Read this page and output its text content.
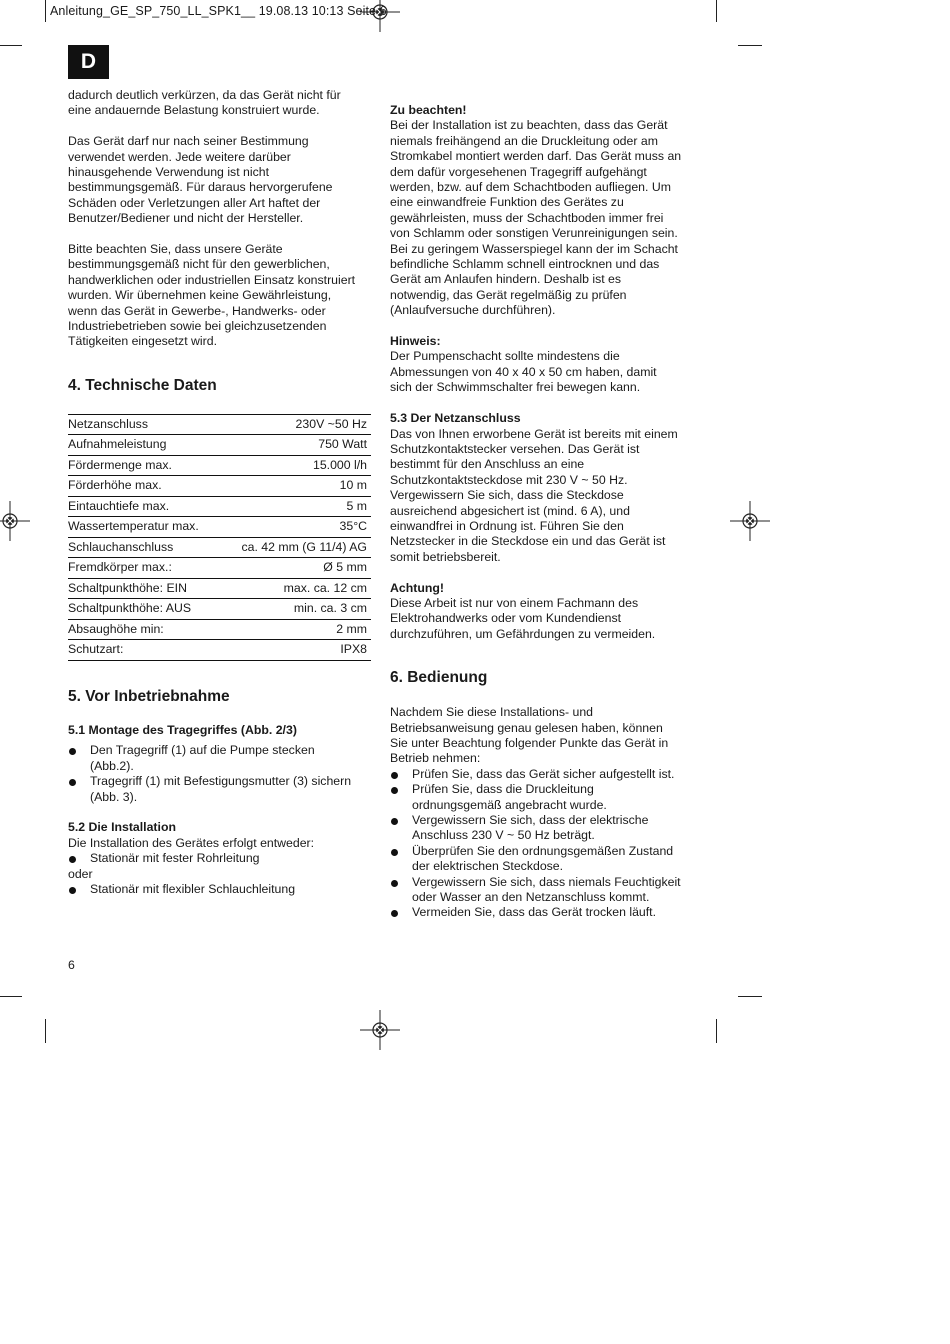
Anleitung_GE_SP_750_LL_SPK1__ 19.08.13 10:13 Seite 6
D

dadurch deutlich verkürzen, da das Gerät nicht für
eine andauernde Belastung konstruiert wurde.

Das Gerät darf nur nach seiner Bestimmung
verwendet werden. Jede weitere darüber
hinausgehende Verwendung ist nicht
bestimmungsgemäß. Für daraus hervorgerufene
Schäden oder Verletzungen aller Art haftet der
Benutzer/Bediener und nicht der Hersteller.

Bitte beachten Sie, dass unsere Geräte
bestimmungsgemäß nicht für den gewerblichen,
handwerklichen oder industriellen Einsatz konstruiert
wurden. Wir übernehmen keine Gewährleistung,
wenn das Gerät in Gewerbe-, Handwerks- oder
Industriebetrieben sowie bei gleichzusetzenden
Tätigkeiten eingesetzt wird.

4. Technische Daten
Netzanschluss	230V ~50 Hz
Aufnahmeleistung	750 Watt
Fördermenge max.	15.000 l/h
Förderhöhe max.	10 m
Eintauchtiefe max.	5 m
Wassertemperatur max.	35°C
Schlauchanschluss	ca. 42 mm (G 11/4) AG
Fremdkörper max.:	Ø 5 mm
Schaltpunkthöhe: EIN	max. ca. 12 cm
Schaltpunkthöhe: AUS	min. ca. 3 cm
Absaughöhe min:	2 mm
Schutzart:	IPX8
5. Vor Inbetriebnahme

5.1 Montage des Tragegriffes (Abb. 2/3)

Den Tragegriff (1) auf die Pumpe stecken
(Abb.2).
Tragegriff (1) mit Befestigungsmutter (3) sichern
(Abb. 3).

5.2 Die Installation

Die Installation des Gerätes erfolgt entweder:

Stationär mit fester Rohrleitung

oder

Stationär mit flexibler Schlauchleitung

Zu beachten!

Bei der Installation ist zu beachten, dass das Gerät
niemals freihängend an die Druckleitung oder am
Stromkabel montiert werden darf. Das Gerät muss an
dem dafür vorgesehenen Tragegriff aufgehängt
werden, bzw. auf dem Schachtboden aufliegen. Um
eine einwandfreie Funktion des Gerätes zu
gewährleisten, muss der Schachtboden immer frei
von Schlamm oder sonstigen Verunreinigungen sein.
Bei zu geringem Wasserspiegel kann der im Schacht
befindliche Schlamm schnell eintrocknen und das
Gerät am Anlaufen hindern. Deshalb ist es
notwendig, das Gerät regelmäßig zu prüfen
(Anlaufversuche durchführen).

Hinweis:

Der Pumpenschacht sollte mindestens die
Abmessungen von 40 x 40 x 50 cm haben, damit
sich der Schwimmschalter frei bewegen kann.

5.3 Der Netzanschluss

Das von Ihnen erworbene Gerät ist bereits mit einem
Schutzkontaktstecker versehen. Das Gerät ist
bestimmt für den Anschluss an eine
Schutzkontaktsteckdose mit 230 V ~ 50 Hz.
Vergewissern Sie sich, dass die Steckdose
ausreichend abgesichert ist (mind. 6 A), und
einwandfrei in Ordnung ist. Führen Sie den
Netzstecker in die Steckdose ein und das Gerät ist
somit betriebsbereit.

Achtung!

Diese Arbeit ist nur von einem Fachmann des
Elektrohandwerks oder vom Kundendienst
durchzuführen, um Gefährdungen zu vermeiden.

6. Bedienung

Nachdem Sie diese Installations- und
Betriebsanweisung genau gelesen haben, können
Sie unter Beachtung folgender Punkte das Gerät in
Betrieb nehmen:

Prüfen Sie, dass das Gerät sicher aufgestellt ist.
Prüfen Sie, dass die Druckleitung
ordnungsgemäß angebracht wurde.
Vergewissern Sie sich, dass der elektrische
Anschluss 230 V ~ 50 Hz beträgt.
Überprüfen Sie den ordnungsgemäßen Zustand
der elektrischen Steckdose.
Vergewissern Sie sich, dass niemals Feuchtigkeit
oder Wasser an den Netzanschluss kommt.
Vermeiden Sie, dass das Gerät trocken läuft.
6
